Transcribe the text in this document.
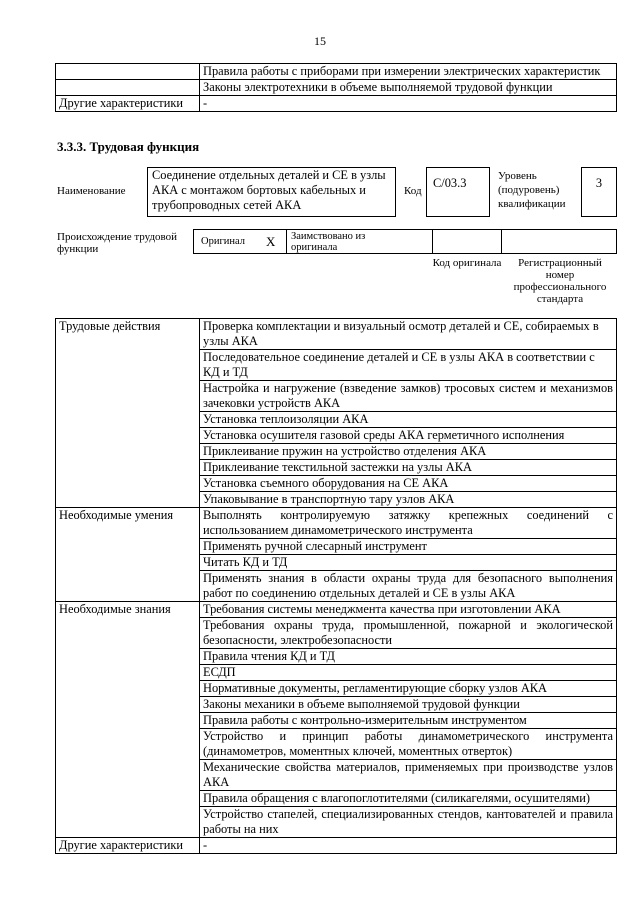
15
	Правила работы с приборами при измерении электрических характеристик
	Законы электротехники в объеме выполняемой трудовой функции
Другие характеристики	-
3.3.3. Трудовая функция
Наименование
Соединение отдельных деталей и СЕ в узлы АКА с монтажом бортовых кабельных и трубопроводных сетей АКА
Код
С/03.3	Уровень (подуровень) квалификации
3
Происхождение трудовой функции
Оригинал X Заимствовано из оригинала
Код оригинала	Регистрационный номер профессионального стандарта
Трудовые действия	Проверка комплектации и визуальный осмотр деталей и СЕ, собираемых в узлы АКА
	Последовательное соединение деталей и СЕ в узлы АКА в соответствии с КД и ТД
	Настройка и нагружение (взведение замков) тросовых систем и механизмов зачековки устройств АКА
	Установка теплоизоляции АКА
	Установка осушителя газовой среды АКА герметичного исполнения
	Приклеивание пружин на устройство отделения АКА
	Приклеивание текстильной застежки на узлы АКА
	Установка съемного оборудования на СЕ АКА
	Упаковывание в транспортную тару узлов АКА
Необходимые умения	Выполнять контролируемую затяжку крепежных соединений с использованием динамометрического инструмента
	Применять ручной слесарный инструмент
	Читать КД и ТД
	Применять знания в области охраны труда для безопасного выполнения работ по соединению отдельных деталей и СЕ в узлы АКА
Необходимые знания	Требования системы менеджмента качества при изготовлении АКА
	Требования охраны труда, промышленной, пожарной и экологической безопасности, электробезопасности
	Правила чтения КД и ТД
	ЕСДП
	Нормативные документы, регламентирующие сборку узлов АКА
	Законы механики в объеме выполняемой трудовой функции
	Правила работы с контрольно-измерительным инструментом
	Устройство и принцип работы динамометрического инструмента (динамометров, моментных ключей, моментных отверток)
	Механические свойства материалов, применяемых при производстве узлов АКА
	Правила обращения с влагопоглотителями (силикагелями, осушителями)
	Устройство стапелей, специализированных стендов, кантователей и правила работы на них
Другие характеристики	-
